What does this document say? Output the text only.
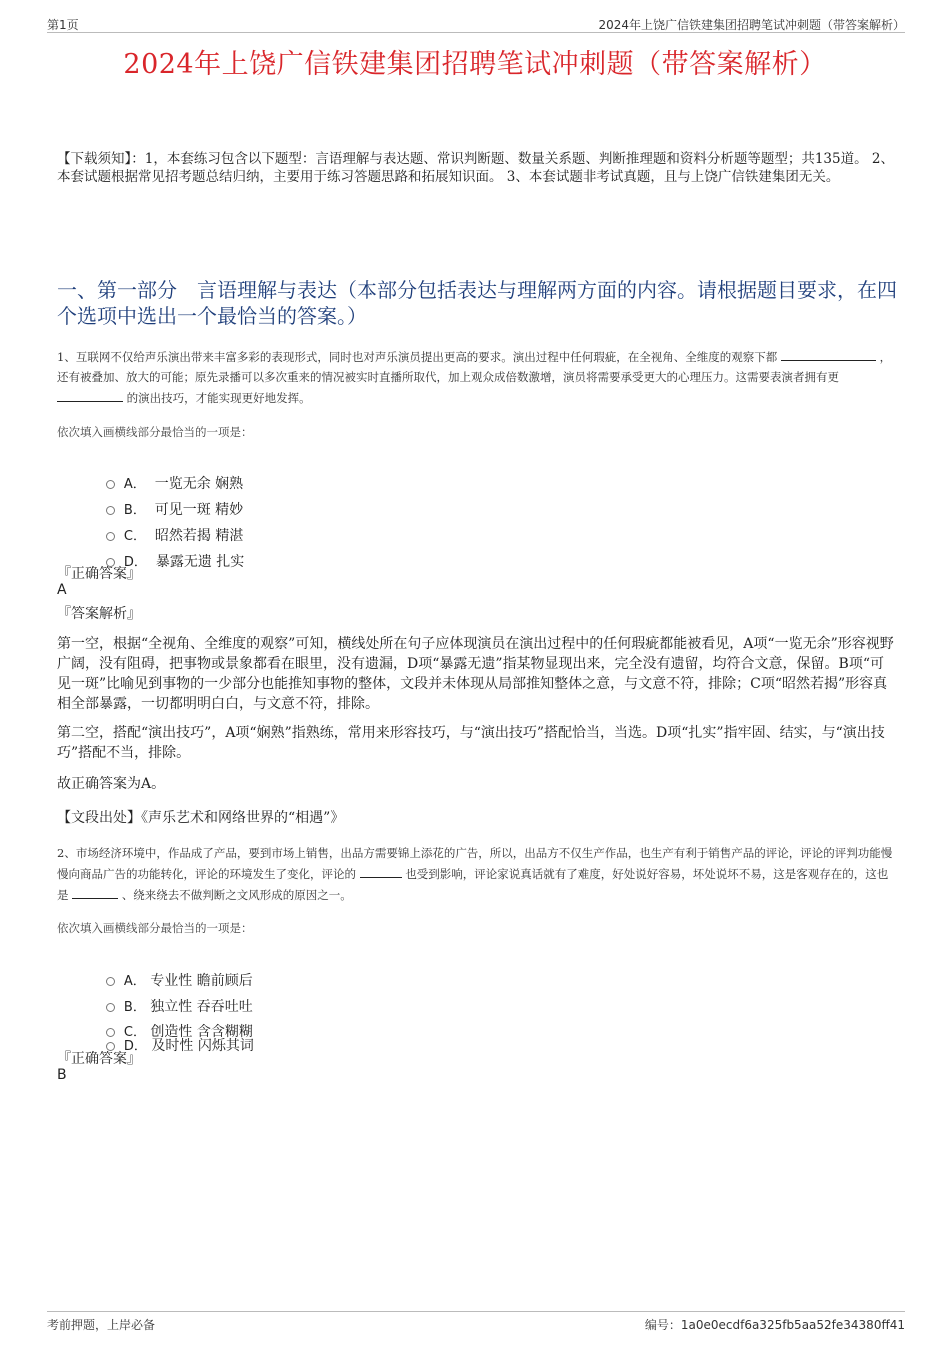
第1页	2024年上饶广信铁建集团招聘笔试冲刺题（带答案解析）
2024年上饶广信铁建集团招聘笔试冲刺题（带答案解析）
【下载须知】：1，本套练习包含以下题型：言语理解与表达题、常识判断题、数量关系题、判断推理题和资料分析题等题型；共135道。 2、本套试题根据常见招考题总结归纳，主要用于练习答题思路和拓展知识面。 3、本套试题非考试真题，且与上饶广信铁建集团无关。
一、第一部分　言语理解与表达（本部分包括表达与理解两方面的内容。请根据题目要求，在四个选项中选出一个最恰当的答案。）
1、互联网不仅给声乐演出带来丰富多彩的表现形式，同时也对声乐演员提出更高的要求。演出过程中任何瑕疵，在全视角、全维度的观察下都	，还有被叠加、放大的可能；原先录播可以多次重来的情况被实时直播所取代，加上观众成倍数激增，演员将需要承受更大的心理压力。这需要表演者拥有更  的演出技巧，才能实现更好地发挥。
依次填入画横线部分最恰当的一项是：

A． 一览无余 娴熟

B． 可见一斑 精妙

C． 昭然若揭 精湛

D． 暴露无遗 扎实

『正确答案』
A
『答案解析』
第一空，根据“全视角、全维度的观察”可知，横线处所在句子应体现演员在演出过程中的任何瑕疵都能被看见，A项“一览无余”形容视野广阔，没有阻碍，把事物或景象都看在眼里，没有遗漏，D项“暴露无遗”指某物显现出来，完全没有遗留，均符合文意，保留。B项“可见一斑”比喻见到事物的一少部分也能推知事物的整体，文段并未体现从局部推知整体之意，与文意不符，排除；C项“昭然若揭”形容真相全部暴露，一切都明明白白，与文意不符，排除。
第二空，搭配“演出技巧”，A项“娴熟”指熟练，常用来形容技巧，与“演出技巧”搭配恰当，当选。D项“扎实”指牢固、结实，与“演出技巧”搭配不当，排除。
故正确答案为A。
【文段出处】《声乐艺术和网络世界的“相遇”》
2、市场经济环境中，作品成了产品，要到市场上销售，出品方需要锦上添花的广告，所以，出品方不仅生产作品，也生产有利于销售产品的评论，评论的评判功能慢慢向商品广告的功能转化，评论的环境发生了变化，评论的	也受到影响，评论家说真话就有了难度，好处说好容易，坏处说坏不易，这是客观存在的，这也是	、绕来绕去不做判断之文风形成的原因之一。
依次填入画横线部分最恰当的一项是：

A． 专业性 瞻前顾后

B． 独立性 吞吞吐吐

C． 创造性 含含糊糊

D． 及时性 闪烁其词

『正确答案』
B
考前押题，上岸必备	编号：1a0e0ecdf6a325fb5aa52fe34380ff41
